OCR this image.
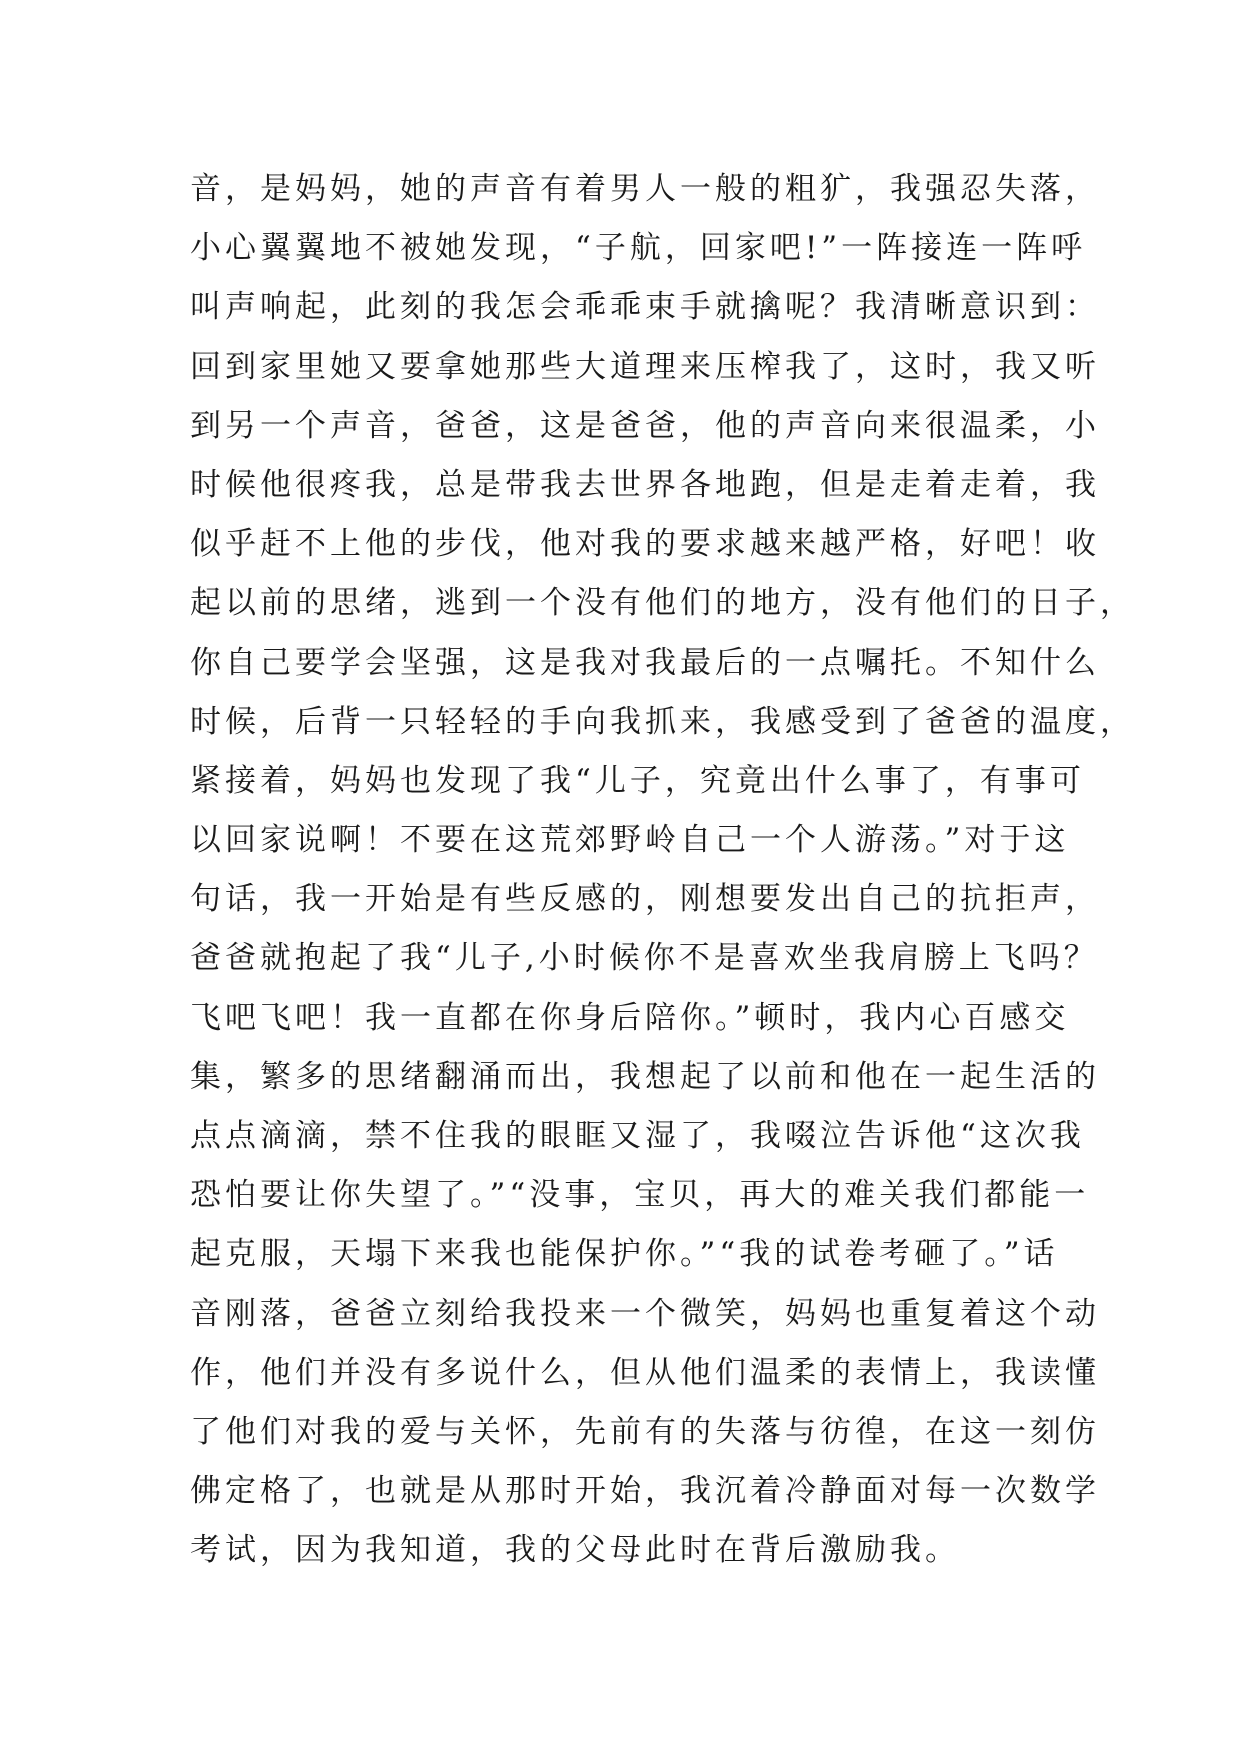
音，是妈妈，她的声音有着男人一般的粗犷，我强忍失落，
小心翼翼地不被她发现，“子航，回家吧!”一阵接连一阵呼
叫声响起，此刻的我怎会乖乖束手就擒呢？我清晰意识到：
回到家里她又要拿她那些大道理来压榨我了，这时，我又听
到另一个声音，爸爸，这是爸爸，他的声音向来很温柔，小
时候他很疼我，总是带我去世界各地跑，但是走着走着，我
似乎赶不上他的步伐，他对我的要求越来越严格，好吧！收
起以前的思绪，逃到一个没有他们的地方，没有他们的日子，
你自己要学会坚强，这是我对我最后的一点嘱托。不知什么
时候，后背一只轻轻的手向我抓来，我感受到了爸爸的温度，
紧接着，妈妈也发现了我“儿子，究竟出什么事了，有事可
以回家说啊！不要在这荒郊野岭自己一个人游荡。”对于这
句话，我一开始是有些反感的，刚想要发出自己的抗拒声，
爸爸就抱起了我“儿子,小时候你不是喜欢坐我肩膀上飞吗？
飞吧飞吧！我一直都在你身后陪你。”顿时，我内心百感交
集，繁多的思绪翻涌而出，我想起了以前和他在一起生活的
点点滴滴，禁不住我的眼眶又湿了，我啜泣告诉他“这次我
恐怕要让你失望了。”“没事，宝贝，再大的难关我们都能一
起克服，天塌下来我也能保护你。”“我的试卷考砸了。”话
音刚落，爸爸立刻给我投来一个微笑，妈妈也重复着这个动
作，他们并没有多说什么，但从他们温柔的表情上，我读懂
了他们对我的爱与关怀，先前有的失落与彷徨，在这一刻仿
佛定格了，也就是从那时开始，我沉着冷静面对每一次数学
考试，因为我知道，我的父母此时在背后激励我。
